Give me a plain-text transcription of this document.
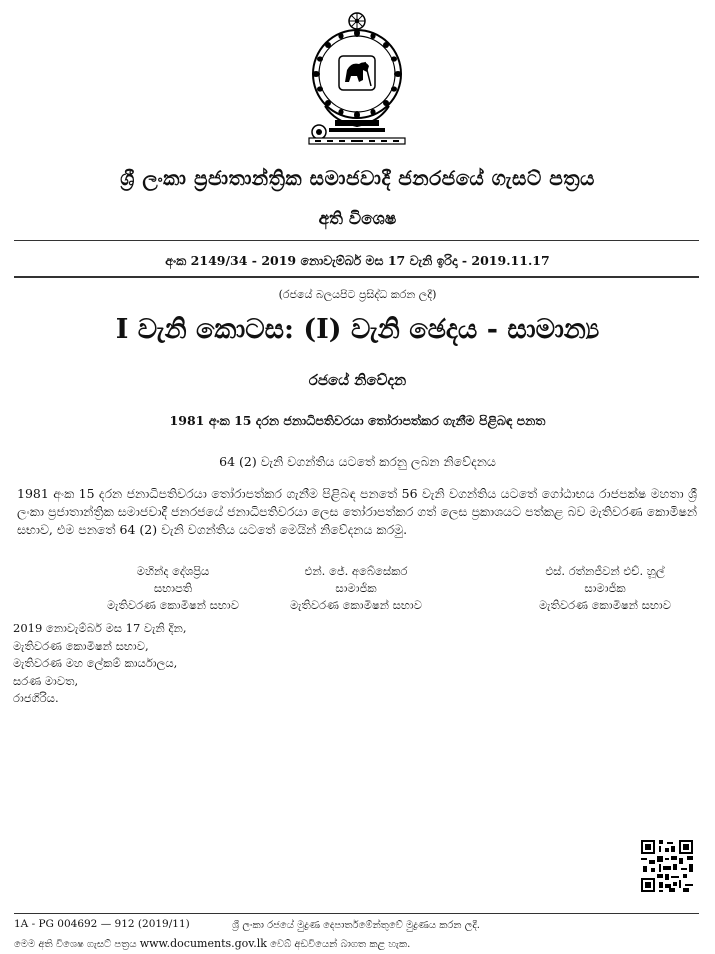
ශ්‍රී ලංකා ප්‍රජාතාන්ත්‍රික සමාජවාදී ජනරජයේ ගැසට් පත්‍රය
අති විශෙෂ
අංක 2149/34 - 2019 නොවැම්බර් මස 17 වැනි ඉරිදා - 2019.11.17
(රජයේ බලයපිට ප්‍රසිද්ධ කරන ලදී)
I වැනි කොටස: (I) වැනි ඡෙදය - සාමාන්‍ය
රජයේ නිවේදන
1981 අංක 15 දරන ජනාධිපතිවරයා තෝරාපත්කර ගැනීම පිළිබඳ පනත
64 (2) වැනි වගන්තිය යටතේ කරනු ලබන නිවේදනය
1981 අංක 15 දරන ජනාධිපතිවරයා තෝරාපත්කර ගැනීම පිළිබඳ පනතේ 56 වැනි වගන්තිය යටතේ ගෝඨාභය රාජපක්ෂ මහතා ශ්‍රී ලංකා ප්‍රජාතාන්ත්‍රික සමාජවාදී ජනරජයේ ජනාධිපතිවරයා ලෙස තෝරාපත්කර ගත් ලෙස ප්‍රකාශයට පත්කළ බව මැතිවරණ කොමිෂන් සභාව, එම පනතේ 64 (2) වැනි වගන්තිය යටතේ මෙයින් නිවේදනය කරමු.
මහින්ද දේශප්‍රිය
සභාපති
මැතිවරණ කොමිෂන් සභාව
එන්. ජේ. අබේසේකර
සාමාජික
මැතිවරණ කොමිෂන් සභාව
එස්. රත්නජීවන් එච්. හූල්
සාමාජික
මැතිවරණ කොමිෂන් සභාව
2019 නොවැම්බර් මස 17 වැනි දින,
මැතිවරණ කොමිෂන් සභාව,
මැතිවරණ මහ ලේකම් කාර්යාලය,
සරණ මාවත,
රාජගිරිය.
1A - PG 004692 — 912 (2019/11)	ශ්‍රී ලංකා රජයේ මුද්‍රණ දෙපාර්තමේන්තුවේ මුද්‍රණය කරන ලදී.
මෙම අති විශෙෂ ගැසට් පත්‍රය www.documents.gov.lk වෙබ් අඩවියෙන් බාගත කළ හැක.
